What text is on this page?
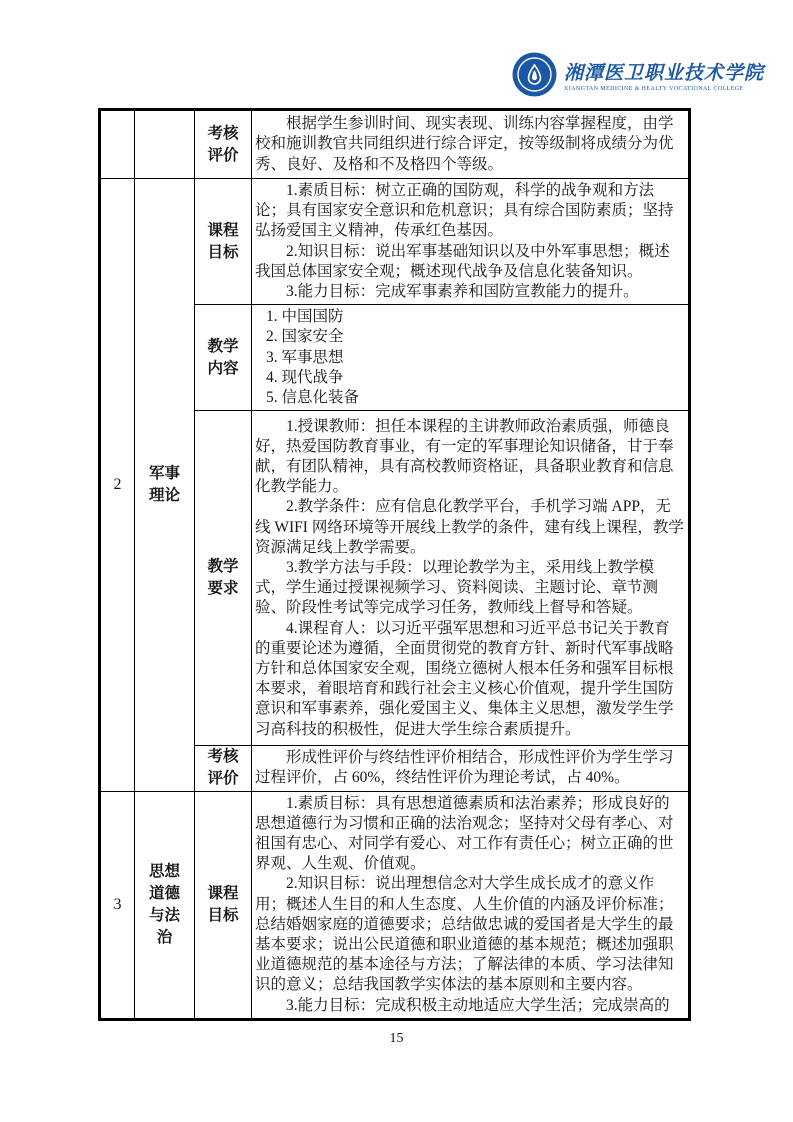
湘潭医卫职业技术学院
XIANGTAN MEDICINE & HEALTY VOCATIONAL COLLEGE
		考核评价	根据学生参训时间、现实表现、训练内容掌握程度，由学校和施训教官共同组织进行综合评定，按等级制将成绩分为优秀、良好、及格和不及格四个等级。

2	军事理论	课程目标	1.素质目标：树立正确的国防观，科学的战争观和方法论；具有国家安全意识和危机意识；具有综合国防素质；坚持弘扬爱国主义精神，传承红色基因。

2.知识目标：说出军事基础知识以及中外军事思想；概述我国总体国家安全观；概述现代战争及信息化装备知识。

3.能力目标：完成军事素养和国防宣教能力的提升。

		教学内容	1. 中国国防
2. 国家安全
3. 军事思想
4. 现代战争
5. 信息化装备

		教学要求	1.授课教师：担任本课程的主讲教师政治素质强，师德良好，热爱国防教育事业，有一定的军事理论知识储备，甘于奉献，有团队精神，具有高校教师资格证，具备职业教育和信息化教学能力。

2.教学条件：应有信息化教学平台，手机学习端 APP，无线 WIFI 网络环境等开展线上教学的条件，建有线上课程，教学资源满足线上教学需要。

3.教学方法与手段：以理论教学为主，采用线上教学模式，学生通过授课视频学习、资料阅读、主题讨论、章节测验、阶段性考试等完成学习任务，教师线上督导和答疑。

4.课程育人：以习近平强军思想和习近平总书记关于教育的重要论述为遵循，全面贯彻党的教育方针、新时代军事战略方针和总体国家安全观，围绕立德树人根本任务和强军目标根本要求，着眼培育和践行社会主义核心价值观，提升学生国防意识和军事素养，强化爱国主义、集体主义思想，激发学生学习高科技的积极性，促进大学生综合素质提升。

		考核评价	形成性评价与终结性评价相结合，形成性评价为学生学习过程评价，占 60%，终结性评价为理论考试，占 40%。

3	思想道德与法治	课程目标	1.素质目标：具有思想道德素质和法治素养；形成良好的思想道德行为习惯和正确的法治观念；坚持对父母有孝心、对祖国有忠心、对同学有爱心、对工作有责任心；树立正确的世界观、人生观、价值观。

2.知识目标：说出理想信念对大学生成长成才的意义作用；概述人生目的和人生态度、人生价值的内涵及评价标准；总结婚姻家庭的道德要求；总结做忠诚的爱国者是大学生的最基本要求；说出公民道德和职业道德的基本规范；概述加强职业道德规范的基本途径与方法；了解法律的本质、学习法律知识的意义；总结我国教学实体法的基本原则和主要内容。

3.能力目标：完成积极主动地适应大学生活；完成崇高的

15
